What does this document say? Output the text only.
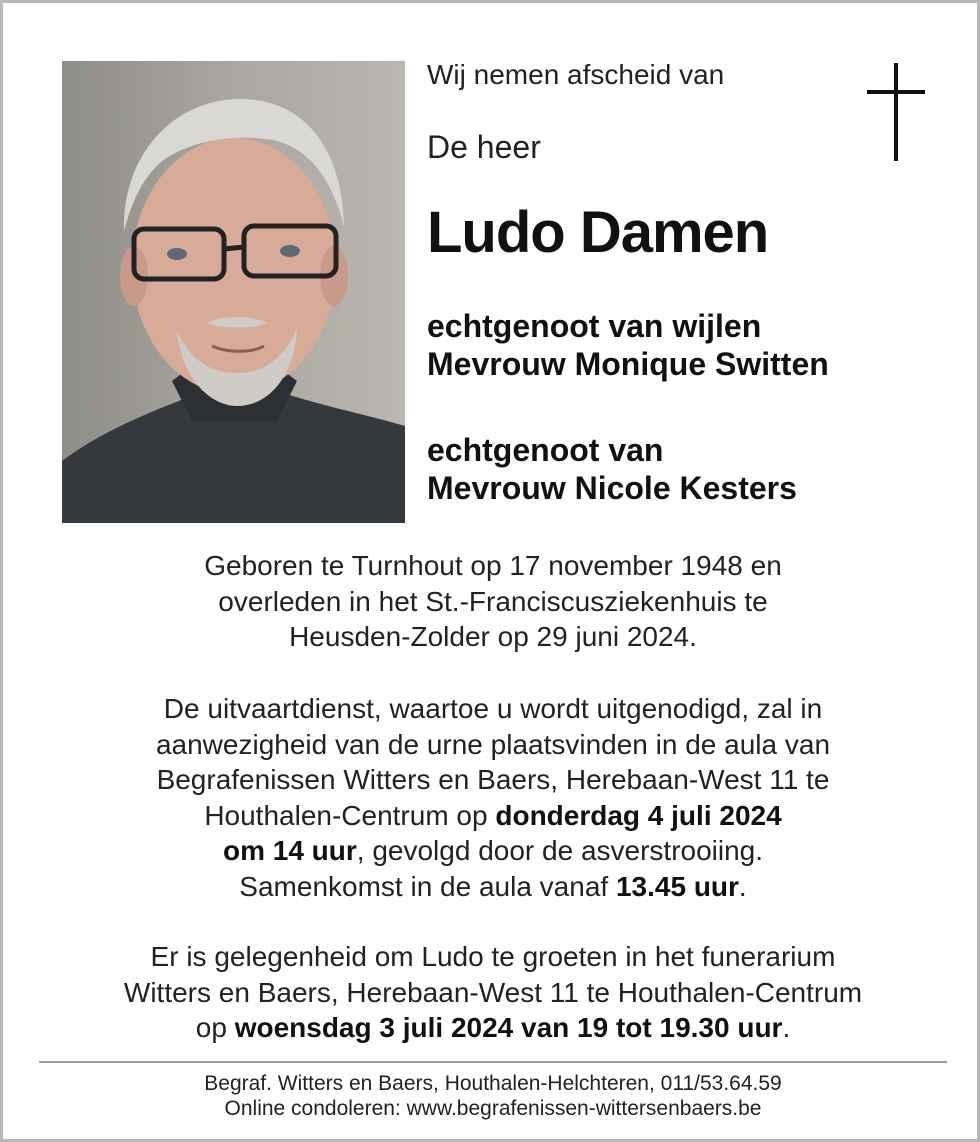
Wij nemen afscheid van
De heer
Ludo Damen
echtgenoot van wijlen
Mevrouw Monique Switten
echtgenoot van
Mevrouw Nicole Kesters
Geboren te Turnhout op 17 november 1948 en
overleden in het St.-Franciscusziekenhuis te
Heusden-Zolder op 29 juni 2024.
De uitvaartdienst, waartoe u wordt uitgenodigd, zal in
aanwezigheid van de urne plaatsvinden in de aula van
Begrafenissen Witters en Baers, Herebaan-West 11 te
Houthalen-Centrum op donderdag 4 juli 2024
om 14 uur, gevolgd door de asverstrooiing.
Samenkomst in de aula vanaf 13.45 uur.
Er is gelegenheid om Ludo te groeten in het funerarium
Witters en Baers, Herebaan-West 11 te Houthalen-Centrum
op woensdag 3 juli 2024 van 19 tot 19.30 uur.
Begraf. Witters en Baers, Houthalen-Helchteren, 011/53.64.59
Online condoleren: www.begrafenissen-wittersenbaers.be
